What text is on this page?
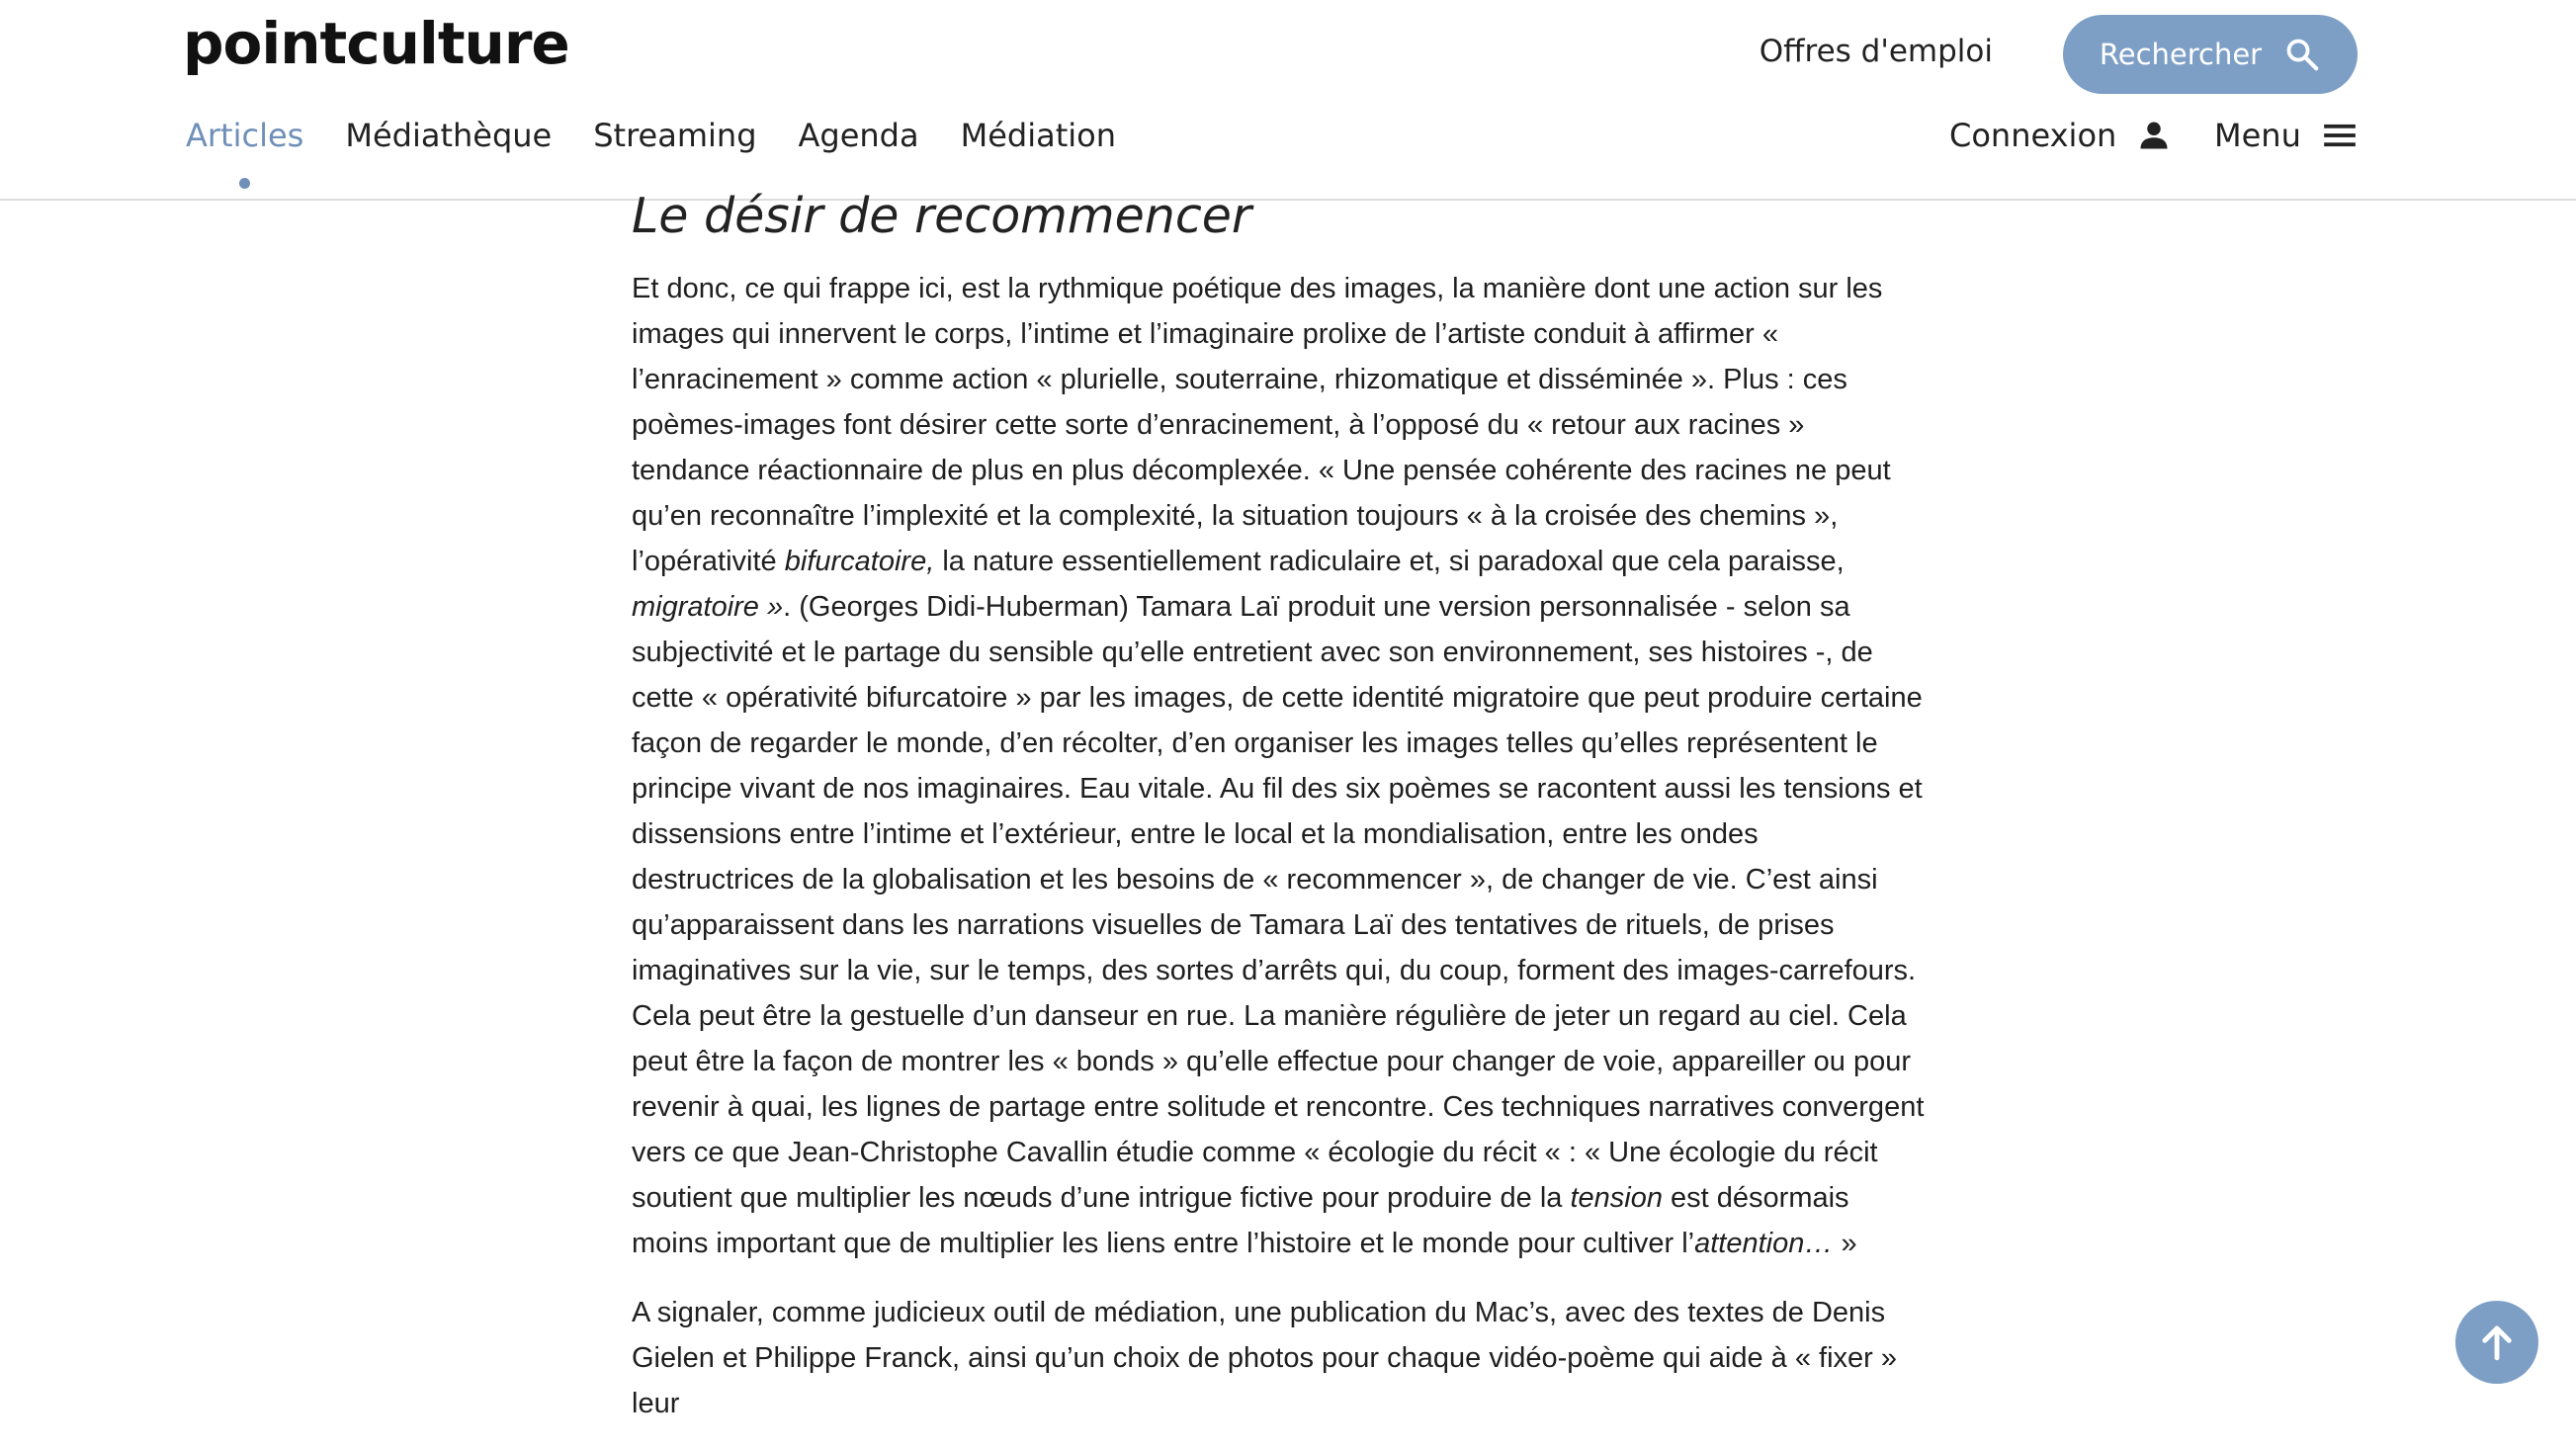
pointculture	Offres d'emploi	Rechercher
Articles Médiathèque Streaming Agenda Médiation	Connexion	Menu
Le désir de recommencer

Et donc, ce qui frappe ici, est la rythmique poétique des images, la manière dont une action sur les images qui innervent le corps, l’intime et l’imaginaire prolixe de l’artiste conduit à affirmer « l’enracinement » comme action « plurielle, souterraine, rhizomatique et disséminée ». Plus : ces poèmes-images font désirer cette sorte d’enracinement, à l’opposé du « retour aux racines » tendance réactionnaire de plus en plus décomplexée. « Une pensée cohérente des racines ne peut qu’en reconnaître l’implexité et la complexité, la situation toujours « à la croisée des chemins », l’opérativité bifurcatoire, la nature essentiellement radiculaire et, si paradoxal que cela paraisse, migratoire ». (Georges Didi-Huberman) Tamara Laï produit une version personnalisée - selon sa subjectivité et le partage du sensible qu’elle entretient avec son environnement, ses histoires -, de cette « opérativité bifurcatoire » par les images, de cette identité migratoire que peut produire certaine façon de regarder le monde, d’en récolter, d’en organiser les images telles qu’elles représentent le principe vivant de nos imaginaires. Eau vitale. Au fil des six poèmes se racontent aussi les tensions et dissensions entre l’intime et l’extérieur, entre le local et la mondialisation, entre les ondes destructrices de la globalisation et les besoins de « recommencer », de changer de vie. C’est ainsi qu’apparaissent dans les narrations visuelles de Tamara Laï des tentatives de rituels, de prises imaginatives sur la vie, sur le temps, des sortes d’arrêts qui, du coup, forment des images-carrefours. Cela peut être la gestuelle d’un danseur en rue. La manière régulière de jeter un regard au ciel. Cela peut être la façon de montrer les « bonds » qu’elle effectue pour changer de voie, appareiller ou pour revenir à quai, les lignes de partage entre solitude et rencontre. Ces techniques narratives convergent vers ce que Jean-Christophe Cavallin étudie comme « écologie du récit « : « Une écologie du récit soutient que multiplier les nœuds d’une intrigue fictive pour produire de la tension est désormais moins important que de multiplier les liens entre l’histoire et le monde pour cultiver l’attention… »

A signaler, comme judicieux outil de médiation, une publication du Mac’s, avec des textes de Denis Gielen et Philippe Franck, ainsi qu’un choix de photos pour chaque vidéo-poème qui aide à « fixer » leur
